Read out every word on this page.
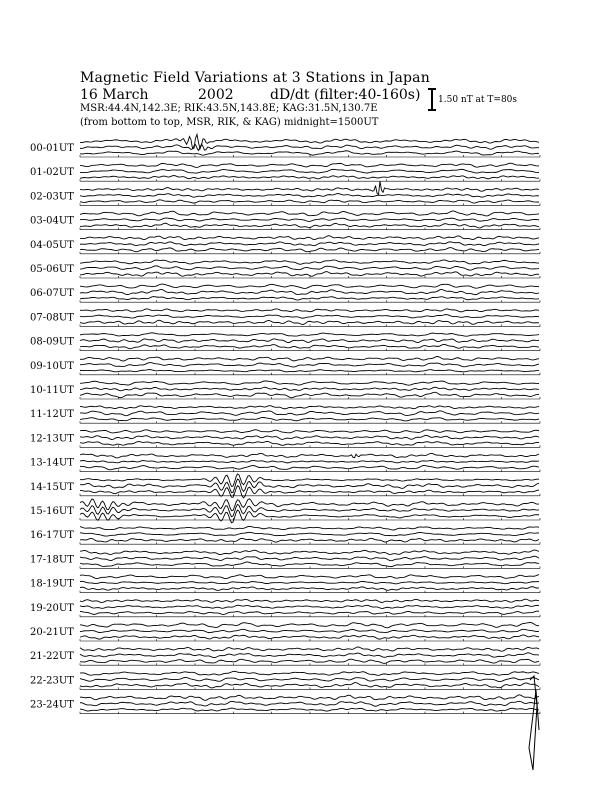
Magnetic Field Variations at 3 Stations in Japan
16 March	2002	dD/dt (filter:40-160s)
MSR:44.4N,142.3E; RIK:43.5N,143.8E; KAG:31.5N,130.7E
(from bottom to top, MSR, RIK, & KAG) midnight=1500UT
1.50 nT at T=80s
00-01UT
01-02UT
02-03UT
03-04UT
04-05UT
05-06UT
06-07UT
07-08UT
08-09UT
09-10UT
10-11UT
11-12UT
12-13UT
13-14UT
14-15UT
15-16UT
16-17UT
17-18UT
18-19UT
19-20UT
20-21UT
21-22UT
22-23UT
23-24UT
